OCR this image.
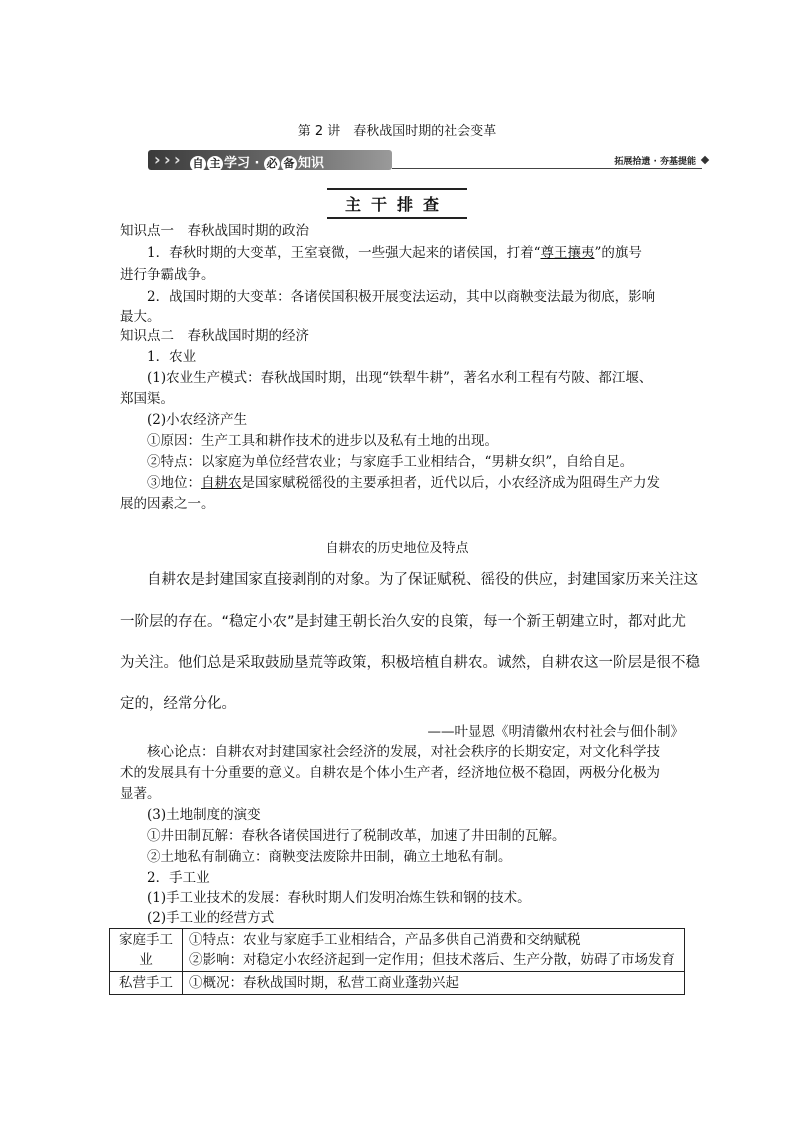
第 2 讲　春秋战国时期的社会变革
› › › 自 主 学习 · 必 备 知识	拓展拾遗 · 夯基提能
主干排查
知识点一　春秋战国时期的政治
1．春秋时期的大变革，王室衰微，一些强大起来的诸侯国，打着“尊王攘夷”的旗号
进行争霸战争。
2．战国时期的大变革：各诸侯国积极开展变法运动，其中以商鞅变法最为彻底，影响
最大。
知识点二　春秋战国时期的经济
1．农业
(1)农业生产模式：春秋战国时期，出现“铁犁牛耕”，著名水利工程有芍陂、都江堰、
郑国渠。
(2)小农经济产生
①原因：生产工具和耕作技术的进步以及私有土地的出现。
②特点：以家庭为单位经营农业；与家庭手工业相结合，“男耕女织”，自给自足。
③地位：自耕农是国家赋税徭役的主要承担者，近代以后，小农经济成为阻碍生产力发
展的因素之一。
自耕农的历史地位及特点
自耕农是封建国家直接剥削的对象。为了保证赋税、徭役的供应，封建国家历来关注这
一阶层的存在。“稳定小农”是封建王朝长治久安的良策，每一个新王朝建立时，都对此尤
为关注。他们总是采取鼓励垦荒等政策，积极培植自耕农。诚然，自耕农这一阶层是很不稳
定的，经常分化。
——叶显恩《明清徽州农村社会与佃仆制》
核心论点：自耕农对封建国家社会经济的发展，对社会秩序的长期安定，对文化科学技
术的发展具有十分重要的意义。自耕农是个体小生产者，经济地位极不稳固，两极分化极为
显著。
(3)土地制度的演变
①井田制瓦解：春秋各诸侯国进行了税制改革，加速了井田制的瓦解。
②土地私有制确立：商鞅变法废除井田制，确立土地私有制。
2．手工业
(1)手工业技术的发展：春秋时期人们发明冶炼生铁和钢的技术。
(2)手工业的经营方式
家庭手工业	①特点：农业与家庭手工业相结合，产品多供自己消费和交纳赋税
②影响：对稳定小农经济起到一定作用；但技术落后、生产分散，妨碍了市场发育

私营手工	①概况：春秋战国时期，私营工商业蓬勃兴起
